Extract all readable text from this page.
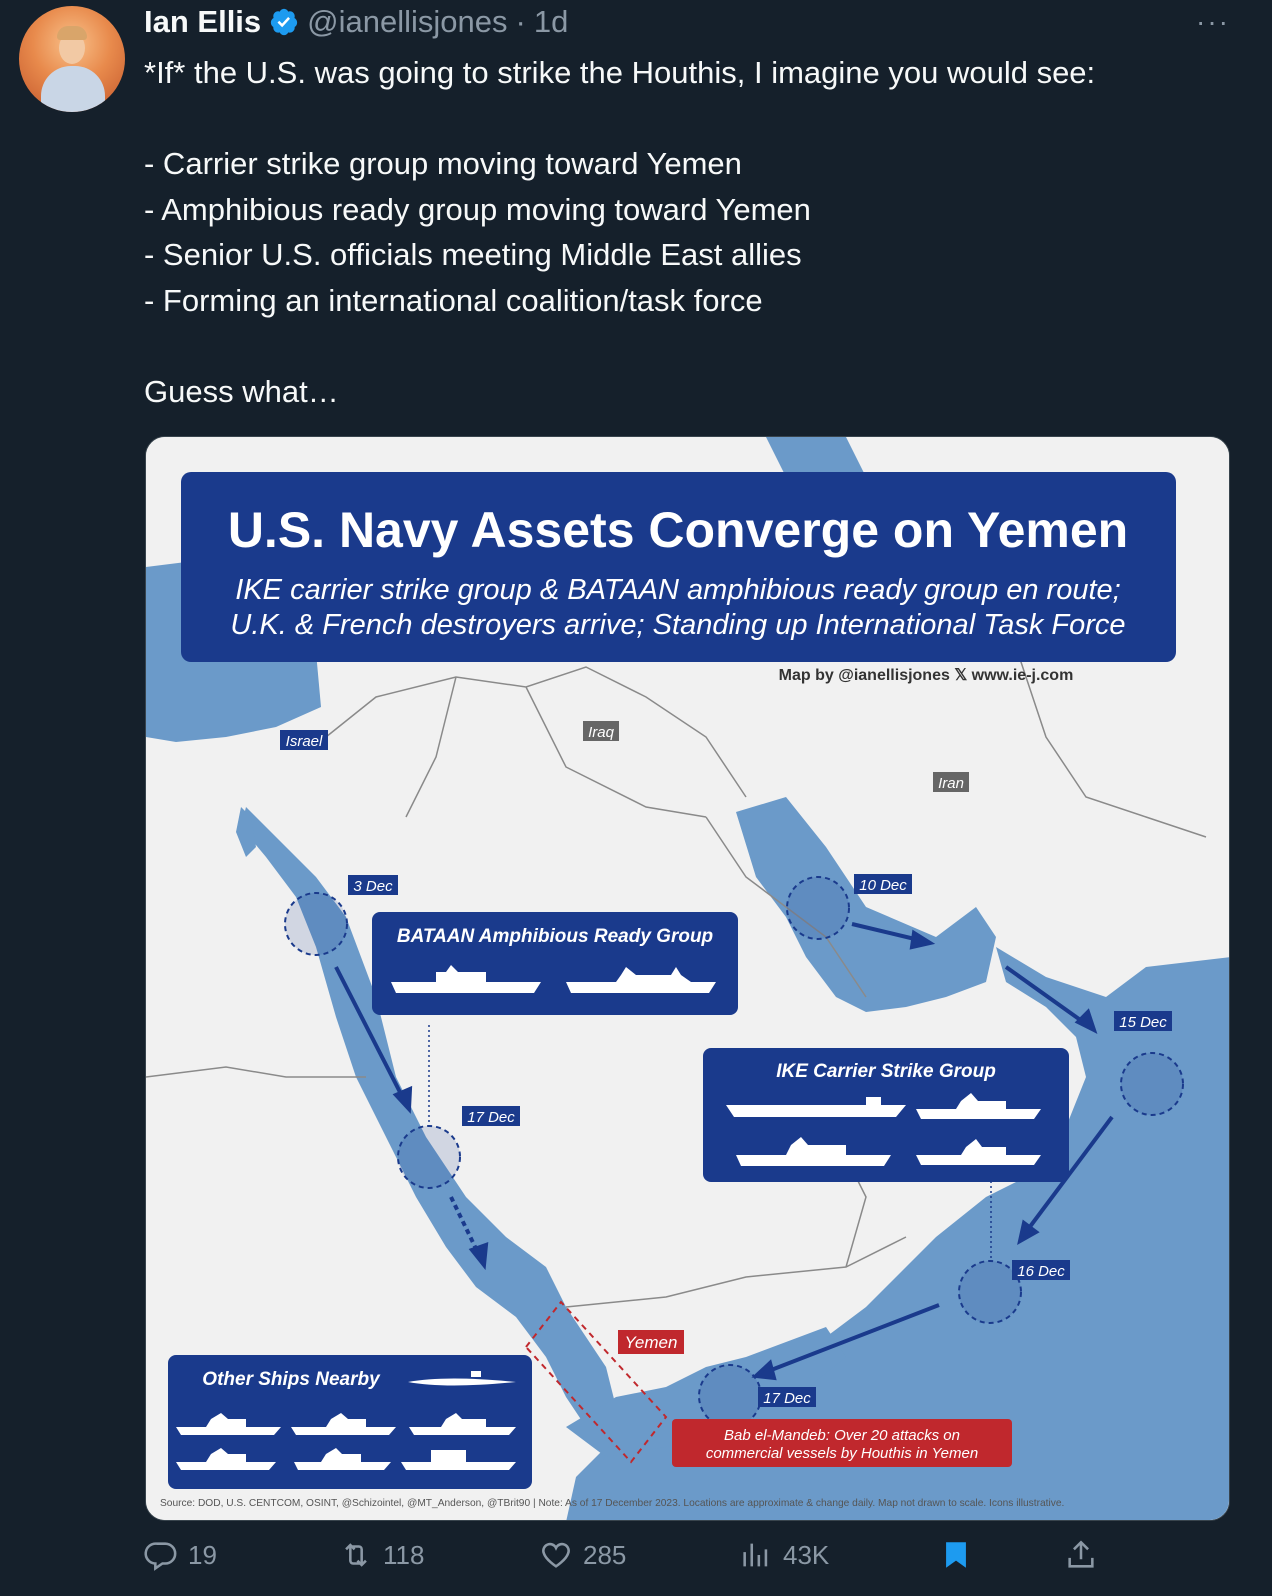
Ian Ellis @ianellisjones · 1d	···
*If* the U.S. was going to strike the Houthis, I imagine you would see:

- Carrier strike group moving toward Yemen
- Amphibious ready group moving toward Yemen
- Senior U.S. officials meeting Middle East allies
- Forming an international coalition/task force

Guess what…
U.S. Navy Assets Converge on Yemen
IKE carrier strike group & BATAAN amphibious ready group en route;
U.K. & French destroyers arrive; Standing up International Task Force
Map by @ianellisjones 𝕏 www.ie-j.com
Israel
Iraq
Iran
Yemen
3 Dec	10 Dec
15 Dec
16 Dec
17 Dec
17 Dec
BATAAN Amphibious Ready Group
IKE Carrier Strike Group
Other Ships Nearby
Bab el-Mandeb: Over 20 attacks on
commercial vessels by Houthis in Yemen
Source: DOD, U.S. CENTCOM, OSINT, @Schizointel, @MT_Anderson, @TBrit90 | Note: As of 17 December 2023. Locations are approximate & change daily. Map not drawn to scale. Icons illustrative.
19	118	285	43K
